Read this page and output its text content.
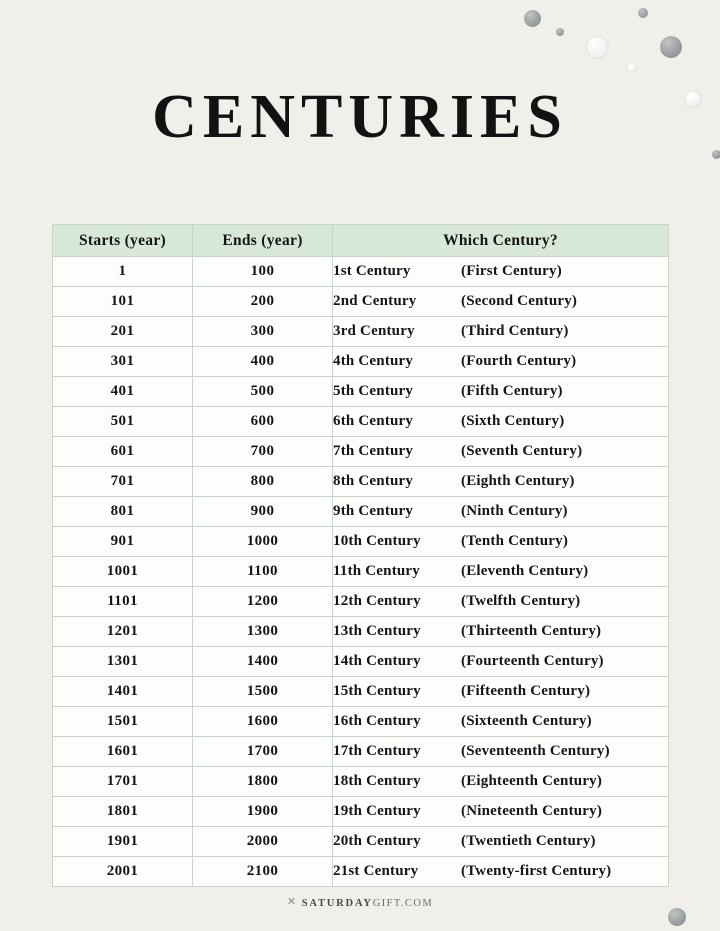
CENTURIES
Starts (year)	Ends (year)	Which Century?
1	100	1st Century (First Century)

101	200	2nd Century (Second Century)

201	300	3rd Century (Third Century)

301	400	4th Century (Fourth Century)

401	500	5th Century (Fifth Century)

501	600	6th Century (Sixth Century)

601	700	7th Century (Seventh Century)

701	800	8th Century (Eighth Century)

801	900	9th Century (Ninth Century)

901	1000	10th Century (Tenth Century)

1001	1100	11th Century (Eleventh Century)

1101	1200	12th Century (Twelfth Century)

1201	1300	13th Century (Thirteenth Century)

1301	1400	14th Century (Fourteenth Century)

1401	1500	15th Century (Fifteenth Century)

1501	1600	16th Century (Sixteenth Century)

1601	1700	17th Century (Seventeenth Century)

1701	1800	18th Century (Eighteenth Century)

1801	1900	19th Century (Nineteenth Century)

1901	2000	20th Century (Twentieth Century)

2001	2100	21st Century (Twenty-first Century)
✕ SATURDAYGIFT.COM
